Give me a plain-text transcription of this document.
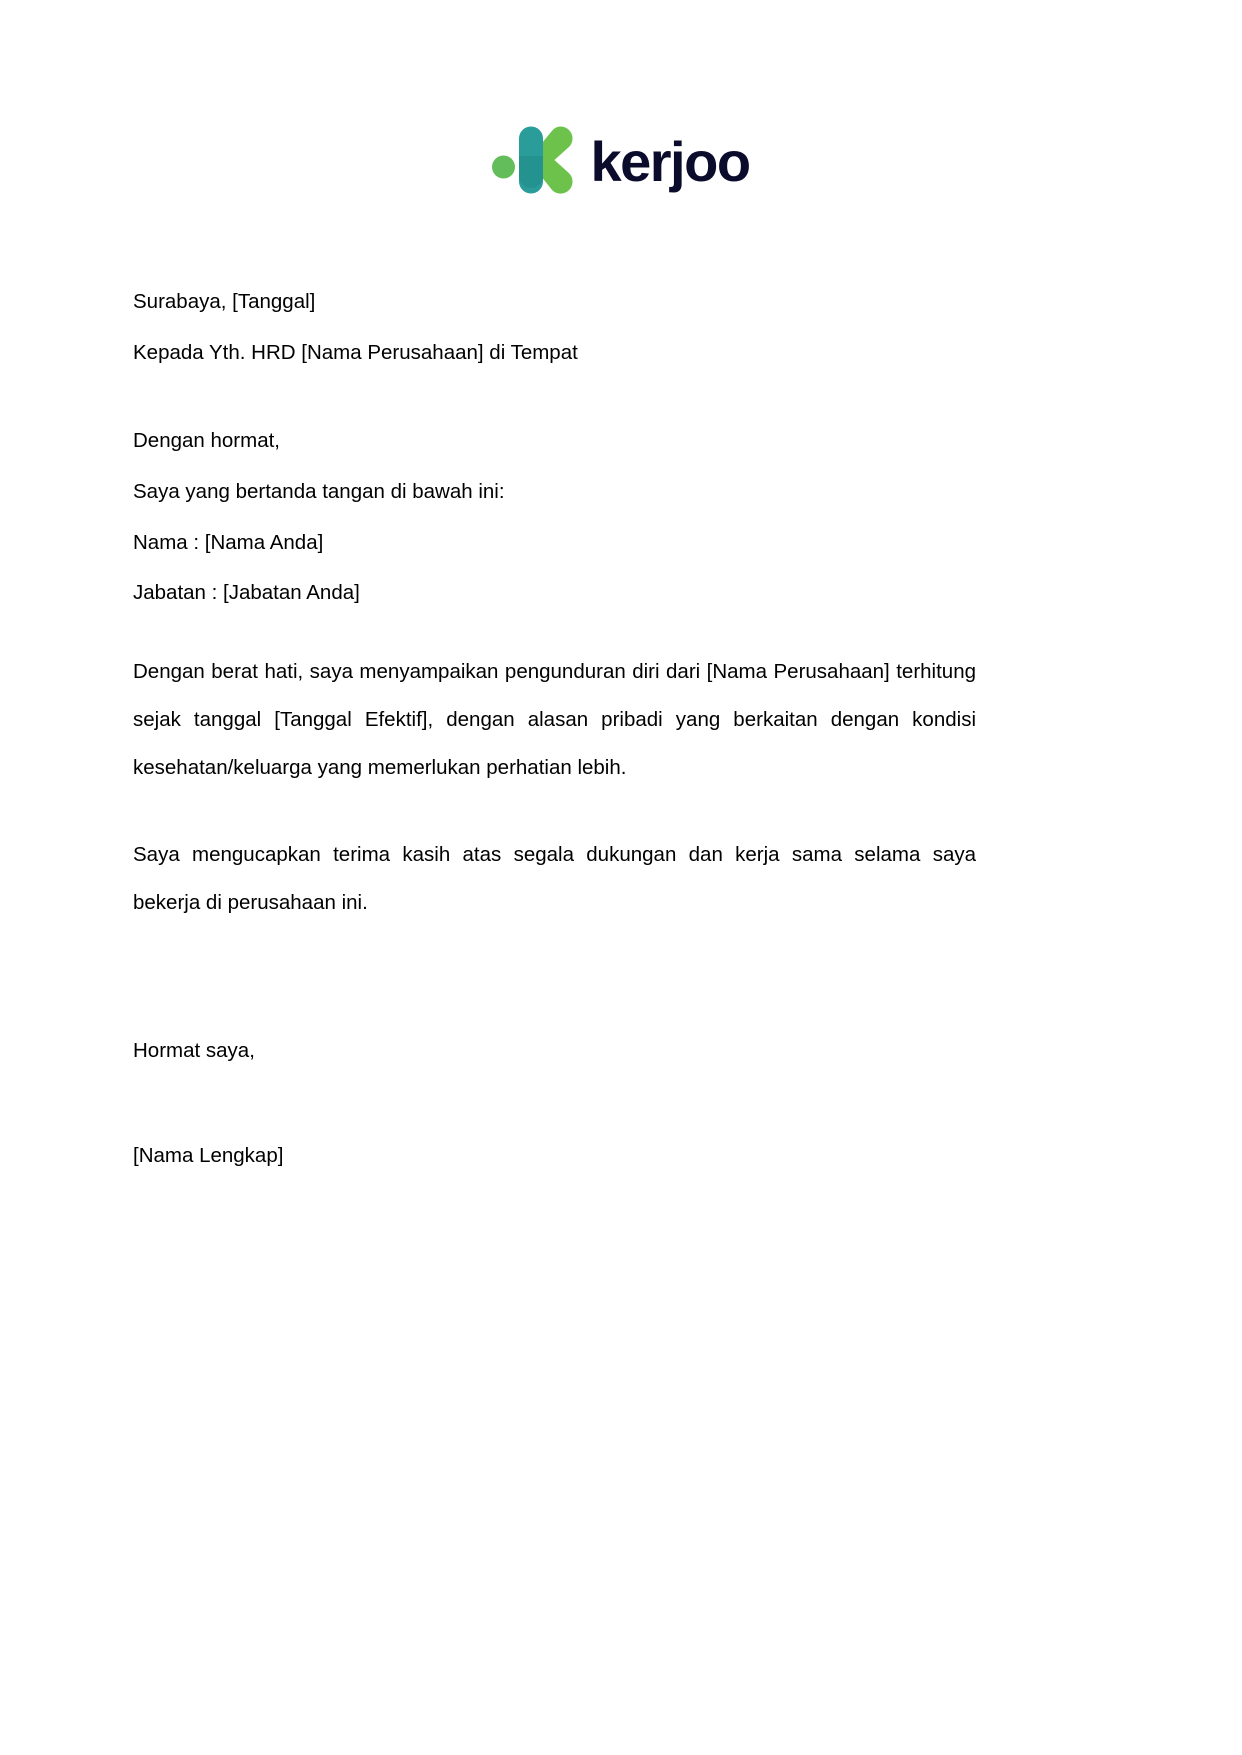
kerjoo

Surabaya, [Tanggal]

Kepada Yth. HRD [Nama Perusahaan] di Tempat

Dengan hormat,

Saya yang bertanda tangan di bawah ini:

Nama : [Nama Anda]

Jabatan : [Jabatan Anda]

Dengan berat hati, saya menyampaikan pengunduran diri dari [Nama Perusahaan] terhitung sejak tanggal [Tanggal Efektif], dengan alasan pribadi yang berkaitan dengan kondisi kesehatan/keluarga yang memerlukan perhatian lebih.

Saya mengucapkan terima kasih atas segala dukungan dan kerja sama selama saya bekerja di perusahaan ini.

Hormat saya,

[Nama Lengkap]
